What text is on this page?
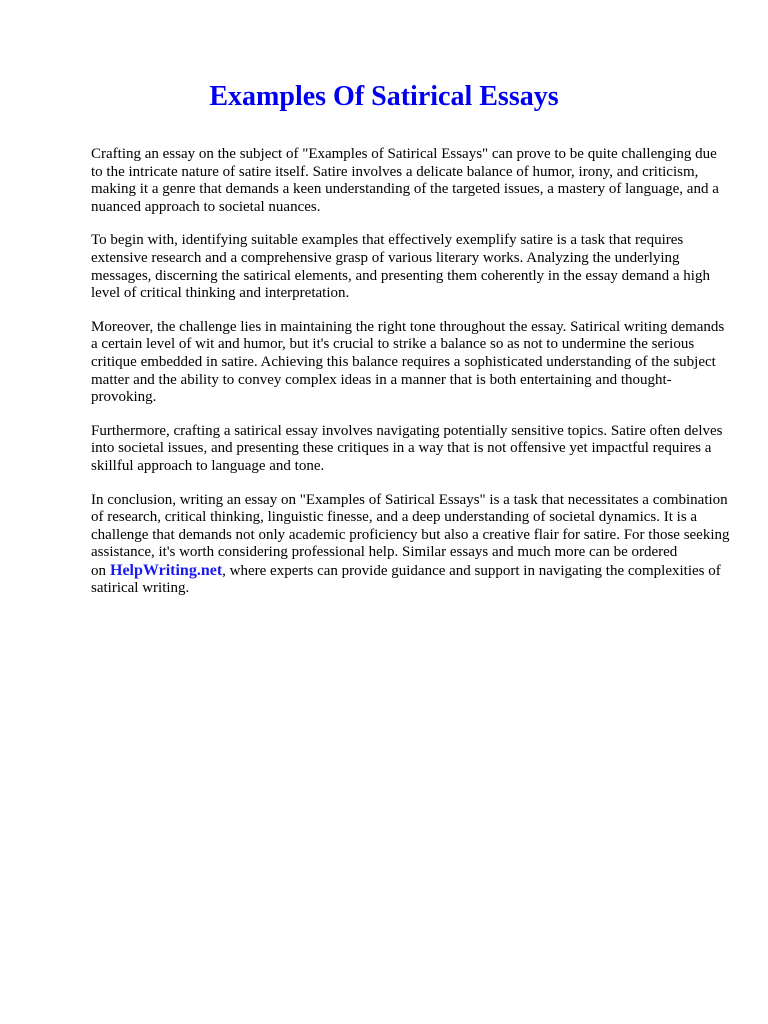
Examples Of Satirical Essays

Crafting an essay on the subject of "Examples of Satirical Essays" can prove to be quite challenging due to the intricate nature of satire itself. Satire involves a delicate balance of humor, irony, and criticism, making it a genre that demands a keen understanding of the targeted issues, a mastery of language, and a nuanced approach to societal nuances.

To begin with, identifying suitable examples that effectively exemplify satire is a task that requires extensive research and a comprehensive grasp of various literary works. Analyzing the underlying messages, discerning the satirical elements, and presenting them coherently in the essay demand a high level of critical thinking and interpretation.

Moreover, the challenge lies in maintaining the right tone throughout the essay. Satirical writing demands a certain level of wit and humor, but it's crucial to strike a balance so as not to undermine the serious critique embedded in satire. Achieving this balance requires a sophisticated understanding of the subject matter and the ability to convey complex ideas in a manner that is both entertaining and thought-provoking.

Furthermore, crafting a satirical essay involves navigating potentially sensitive topics. Satire often delves into societal issues, and presenting these critiques in a way that is not offensive yet impactful requires a skillful approach to language and tone.

In conclusion, writing an essay on "Examples of Satirical Essays" is a task that necessitates a combination of research, critical thinking, linguistic finesse, and a deep understanding of societal dynamics. It is a challenge that demands not only academic proficiency but also a creative flair for satire. For those seeking assistance, it's worth considering professional help. Similar essays and much more can be ordered on HelpWriting.net, where experts can provide guidance and support in navigating the complexities of satirical writing.
